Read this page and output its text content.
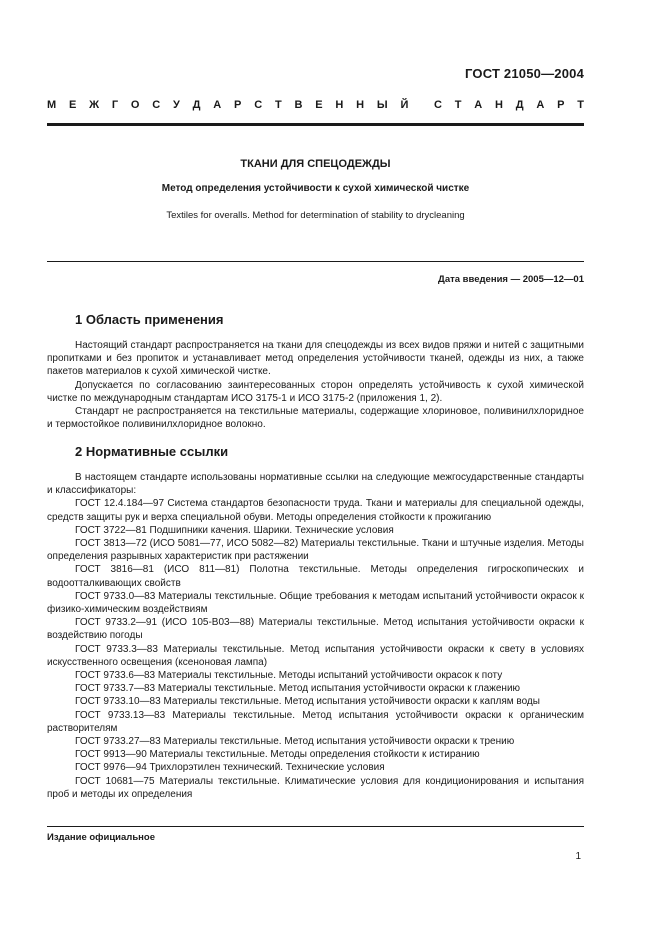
ГОСТ 21050—2004
М Е Ж Г О С У Д А Р С Т В Е Н Н Ы Й С Т А Н Д А Р Т
ТКАНИ ДЛЯ СПЕЦОДЕЖДЫ
Метод определения устойчивости к сухой химической чистке
Textiles for overalls. Method for determination of stability to drycleaning
Дата введения — 2005—12—01
1 Область применения

Настоящий стандарт распространяется на ткани для спецодежды из всех видов пряжи и нитей с защитными пропитками и без пропиток и устанавливает метод определения устойчивости тканей, одежды из них, а также пакетов материалов к сухой химической чистке.

Допускается по согласованию заинтересованных сторон определять устойчивость к сухой химической чистке по международным стандартам ИСО 3175-1 и ИСО 3175-2 (приложения 1, 2).

Стандарт не распространяется на текстильные материалы, содержащие хлориновое, поливинилхлоридное и термостойкое поливинилхлоридное волокно.

2 Нормативные ссылки

В настоящем стандарте использованы нормативные ссылки на следующие межгосударственные стандарты и классификаторы:

ГОСТ 12.4.184—97 Система стандартов безопасности труда. Ткани и материалы для специальной одежды, средств защиты рук и верха специальной обуви. Методы определения стойкости к прожиганию

ГОСТ 3722—81 Подшипники качения. Шарики. Технические условия

ГОСТ 3813—72 (ИСО 5081—77, ИСО 5082—82) Материалы текстильные. Ткани и штучные изделия. Методы определения разрывных характеристик при растяжении

ГОСТ 3816—81 (ИСО 811—81) Полотна текстильные. Методы определения гигроскопических и водоотталкивающих свойств

ГОСТ 9733.0—83 Материалы текстильные. Общие требования к методам испытаний устойчивости окрасок к физико-химическим воздействиям

ГОСТ 9733.2—91 (ИСО 105-В03—88) Материалы текстильные. Метод испытания устойчивости окраски к воздействию погоды

ГОСТ 9733.3—83 Материалы текстильные. Метод испытания устойчивости окраски к свету в условиях искусственного освещения (ксеноновая лампа)

ГОСТ 9733.6—83 Материалы текстильные. Методы испытаний устойчивости окрасок к поту

ГОСТ 9733.7—83 Материалы текстильные. Метод испытания устойчивости окраски к глажению

ГОСТ 9733.10—83 Материалы текстильные. Метод испытания устойчивости окраски к каплям воды

ГОСТ 9733.13—83 Материалы текстильные. Метод испытания устойчивости окраски к органическим растворителям

ГОСТ 9733.27—83 Материалы текстильные. Метод испытания устойчивости окраски к трению

ГОСТ 9913—90 Материалы текстильные. Методы определения стойкости к истиранию

ГОСТ 9976—94 Трихлорэтилен технический. Технические условия

ГОСТ 10681—75 Материалы текстильные. Климатические условия для кондиционирования и испытания проб и методы их определения

Издание официальное
1
